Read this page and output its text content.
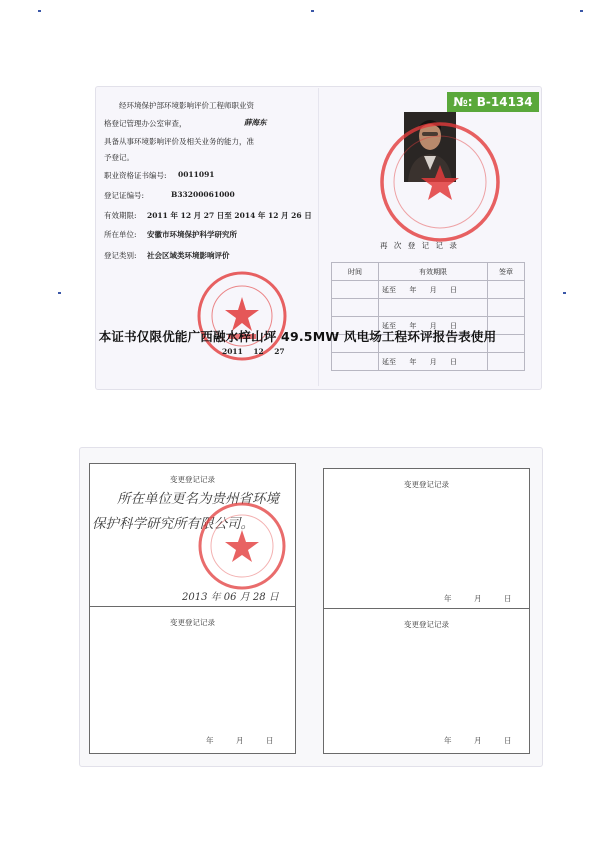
№: B-14134
经环境保护部环境影响评价工程师职业资
格登记管理办公室审查，	薛海东
具备从事环境影响评价及相关业务的能力，准
予登记。
职业资格证书编号: 0011091
登记证编号:	B33200061000
有效期限: 2011 年 12 月 27 日至 2014 年 12 月 26 日
所在单位: 安徽市环境保护科学研究所
登记类别: 社会区域类环境影响评价
2011    12    27
再 次 登 记 记 录
时间	有效期限	签章
	延至      年      月      日	

	延至      年      月      日	

	延至      年      月      日	
本证书仅限优能广西融水梓山坪 49.5MW 风电场工程环评报告表使用
变更登记记录
所在单位更名为贵州省环境
保护科学研究所有限公司。
2013 年 06 月 28 日
变更登记记录
年	月	日
变更登记记录
年	月	日
变更登记记录
年	月	日
